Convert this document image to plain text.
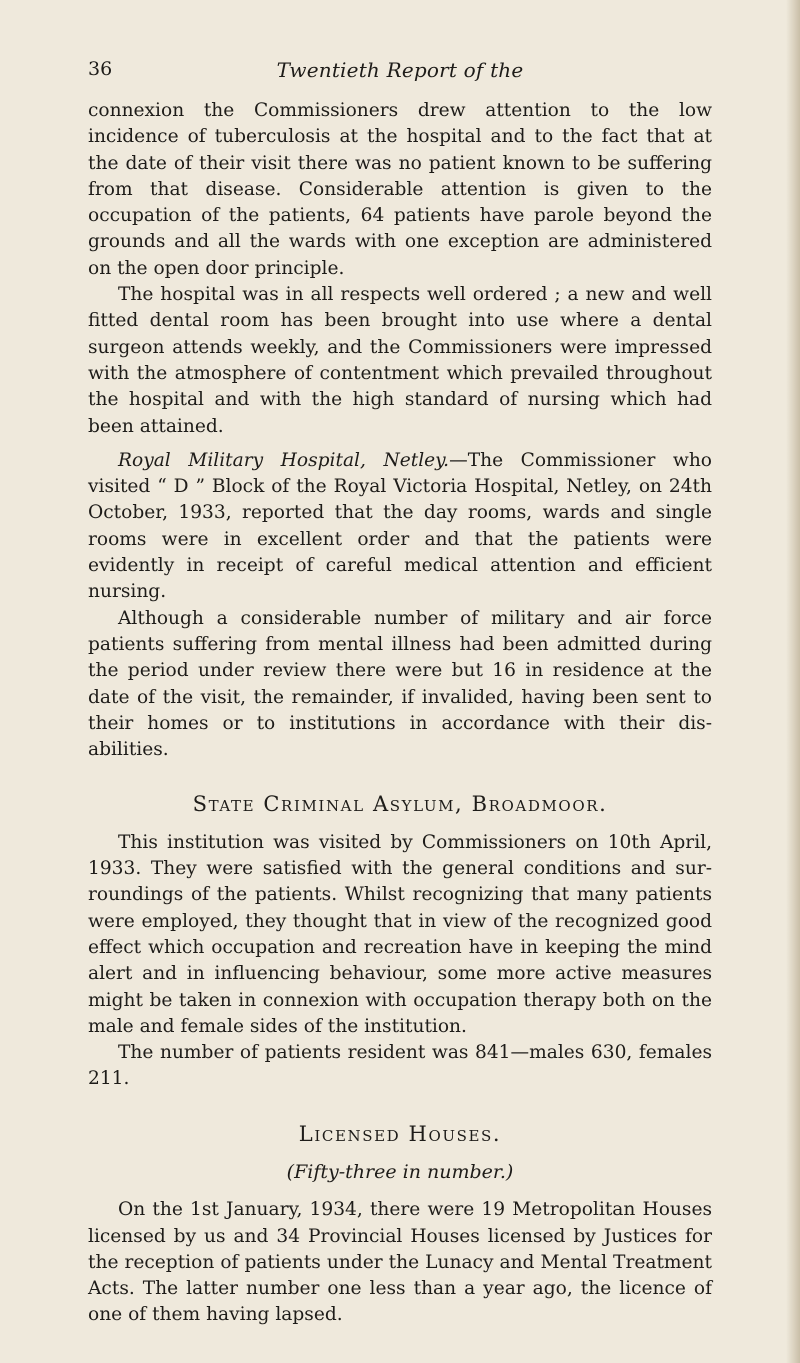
36	Twentieth Report of the

connexion the Commissioners drew attention to the low incidence of tuberculosis at the hospital and to the fact that at the date of their visit there was no patient known to be suffering from that disease. Considerable attention is given to the occupation of the patients, 64 patients have parole beyond the grounds and all the wards with one exception are administered on the open door principle.

The hospital was in all respects well ordered ; a new and well fitted dental room has been brought into use where a dental surgeon attends weekly, and the Commissioners were impressed with the atmosphere of contentment which prevailed throughout the hospital and with the high standard of nursing which had been attained.

Royal Military Hospital, Netley.—The Commissioner who visited “ D ” Block of the Royal Victoria Hospital, Netley, on 24th October, 1933, reported that the day rooms, wards and single rooms were in excellent order and that the patients were evidently in receipt of careful medical attention and efficient nursing.

Although a considerable number of military and air force patients suffering from mental illness had been admitted during the period under review there were but 16 in residence at the date of the visit, the remainder, if invalided, having been sent to their homes or to institutions in accordance with their dis- abilities.

State Criminal Asylum, Broadmoor.

This institution was visited by Commissioners on 10th April, 1933. They were satisfied with the general conditions and sur- roundings of the patients. Whilst recognizing that many patients were employed, they thought that in view of the recognized good effect which occupation and recreation have in keeping the mind alert and in influencing behaviour, some more active measures might be taken in connexion with occupation therapy both on the male and female sides of the institution.

The number of patients resident was 841—males 630, females 211.

Licensed Houses.
(Fifty-three in number.)

On the 1st January, 1934, there were 19 Metropolitan Houses licensed by us and 34 Provincial Houses licensed by Justices for the reception of patients under the Lunacy and Mental Treatment Acts. The latter number one less than a year ago, the licence of one of them having lapsed.
